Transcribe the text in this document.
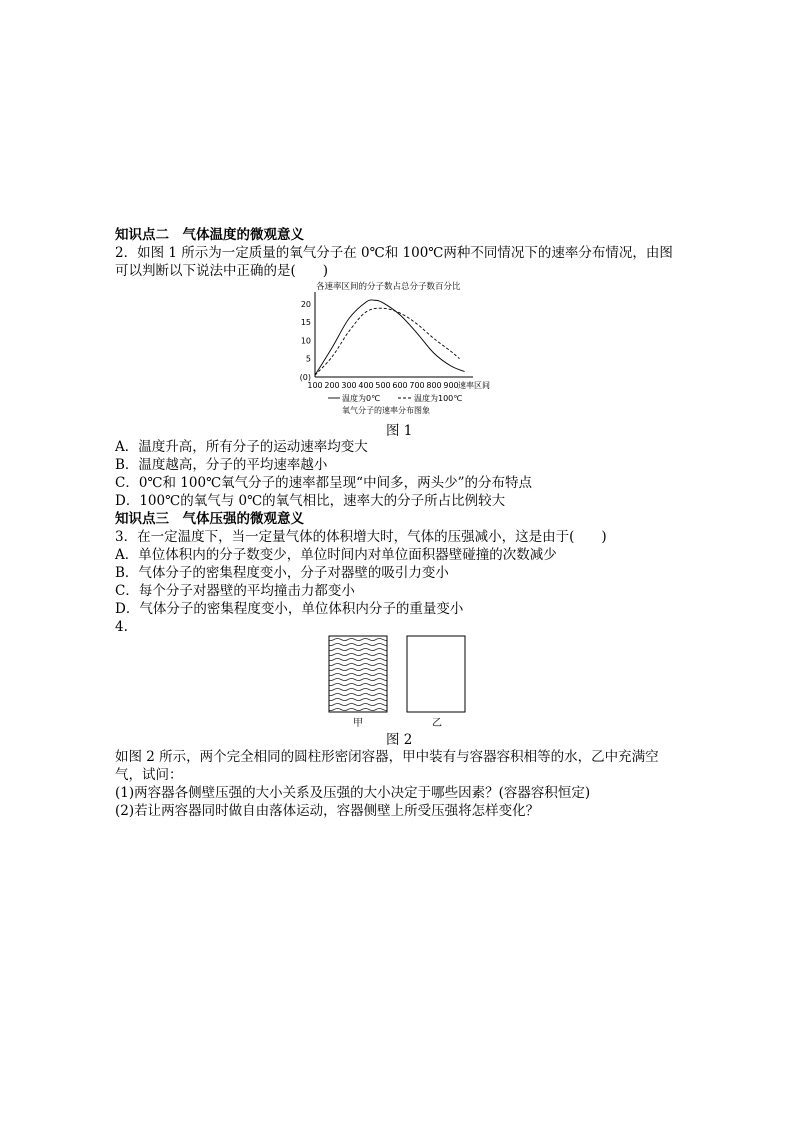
知识点二　气体温度的微观意义
2．如图 1 所示为一定质量的氧气分子在 0℃和 100℃两种不同情况下的速率分布情况，由图
可以判断以下说法中正确的是(　　)
各速率区间的分子数占总分子数百分比
(0)
5
10
15
20
100 200 300 400 500 600 700 800 900 速率区间
温度为0℃	温度为100℃
氧气分子的速率分布图象
图 1
A．温度升高，所有分子的运动速率均变大
B．温度越高，分子的平均速率越小
C．0℃和 100℃氧气分子的速率都呈现“中间多，两头少”的分布特点
D．100℃的氧气与 0℃的氧气相比，速率大的分子所占比例较大
知识点三　气体压强的微观意义
3．在一定温度下，当一定量气体的体积增大时，气体的压强减小，这是由于(　　)
A．单位体积内的分子数变少，单位时间内对单位面积器壁碰撞的次数减少
B．气体分子的密集程度变小，分子对器壁的吸引力变小
C．每个分子对器壁的平均撞击力都变小
D．气体分子的密集程度变小，单位体积内分子的重量变小
4.
甲	乙
图 2
如图 2 所示，两个完全相同的圆柱形密闭容器，甲中装有与容器容积相等的水，乙中充满空
气，试问：
(1)两容器各侧壁压强的大小关系及压强的大小决定于哪些因素？(容器容积恒定)
(2)若让两容器同时做自由落体运动，容器侧壁上所受压强将怎样变化？
